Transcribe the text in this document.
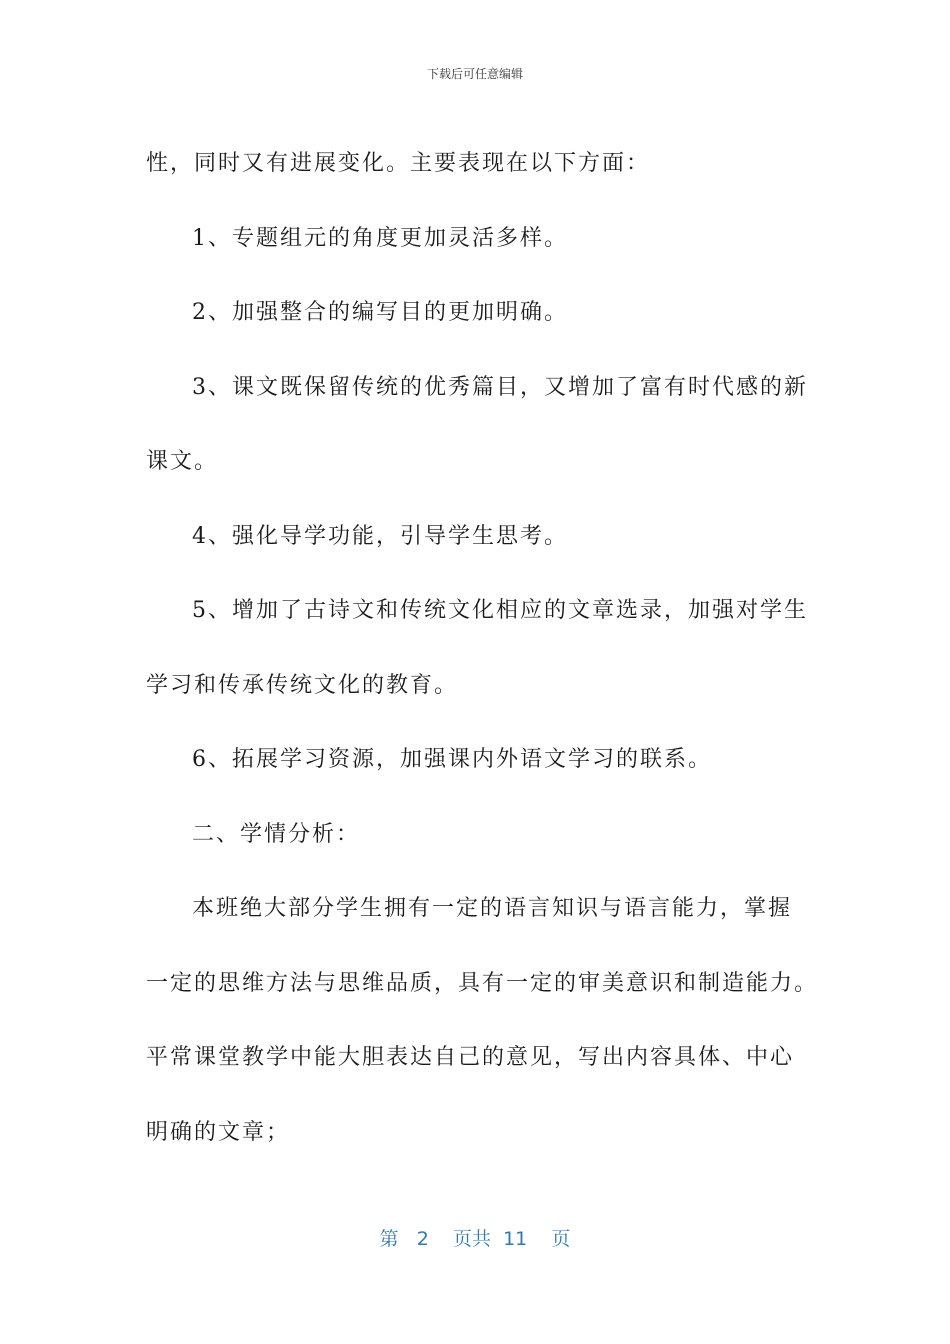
下载后可任意编辑
性，同时又有进展变化。主要表现在以下方面：
1、专题组元的角度更加灵活多样。
2、加强整合的编写目的更加明确。
3、课文既保留传统的优秀篇目，又增加了富有时代感的新
课文。
4、强化导学功能，引导学生思考。
5、增加了古诗文和传统文化相应的文章选录，加强对学生
学习和传承传统文化的教育。
6、拓展学习资源，加强课内外语文学习的联系。
二、学情分析：
本班绝大部分学生拥有一定的语言知识与语言能力，掌握
一定的思维方法与思维品质，具有一定的审美意识和制造能力。
平常课堂教学中能大胆表达自己的意见，写出内容具体、中心
明确的文章；
第 2 页共 11 页
